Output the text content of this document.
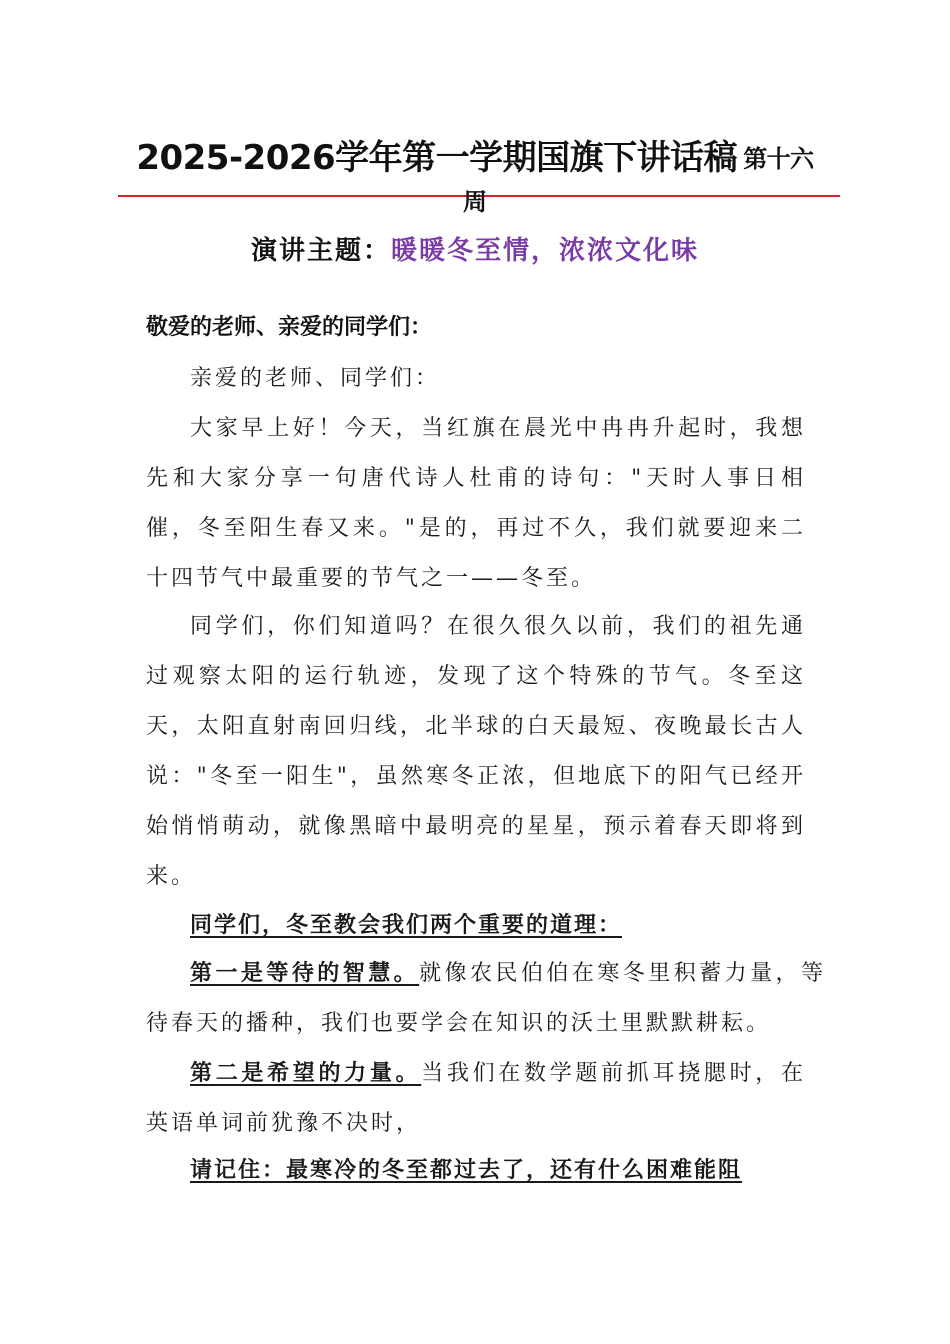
2025-2026学年第一学期国旗下讲话稿 第十六
周
演讲主题：暖暖冬至情，浓浓文化味
敬爱的老师、亲爱的同学们：

亲爱的老师、同学们：

大家早上好！今天，当红旗在晨光中冉冉升起时，我想先和大家分享一句唐代诗人杜甫的诗句："天时人事日相催，冬至阳生春又来。"是的，再过不久，我们就要迎来二十四节气中最重要的节气之一——冬至。

同学们，你们知道吗？在很久很久以前，我们的祖先通过观察太阳的运行轨迹，发现了这个特殊的节气。冬至这天，太阳直射南回归线，北半球的白天最短、夜晚最长古人说："冬至一阳生"，虽然寒冬正浓，但地底下的阳气已经开始悄悄萌动，就像黑暗中最明亮的星星，预示着春天即将到来。

同学们，冬至教会我们两个重要的道理：

第一是等待的智慧。就像农民伯伯在寒冬里积蓄力量，等待春天的播种，我们也要学会在知识的沃土里默默耕耘。

第二是希望的力量。当我们在数学题前抓耳挠腮时，在英语单词前犹豫不决时，

请记住：最寒冷的冬至都过去了，还有什么困难能阻
